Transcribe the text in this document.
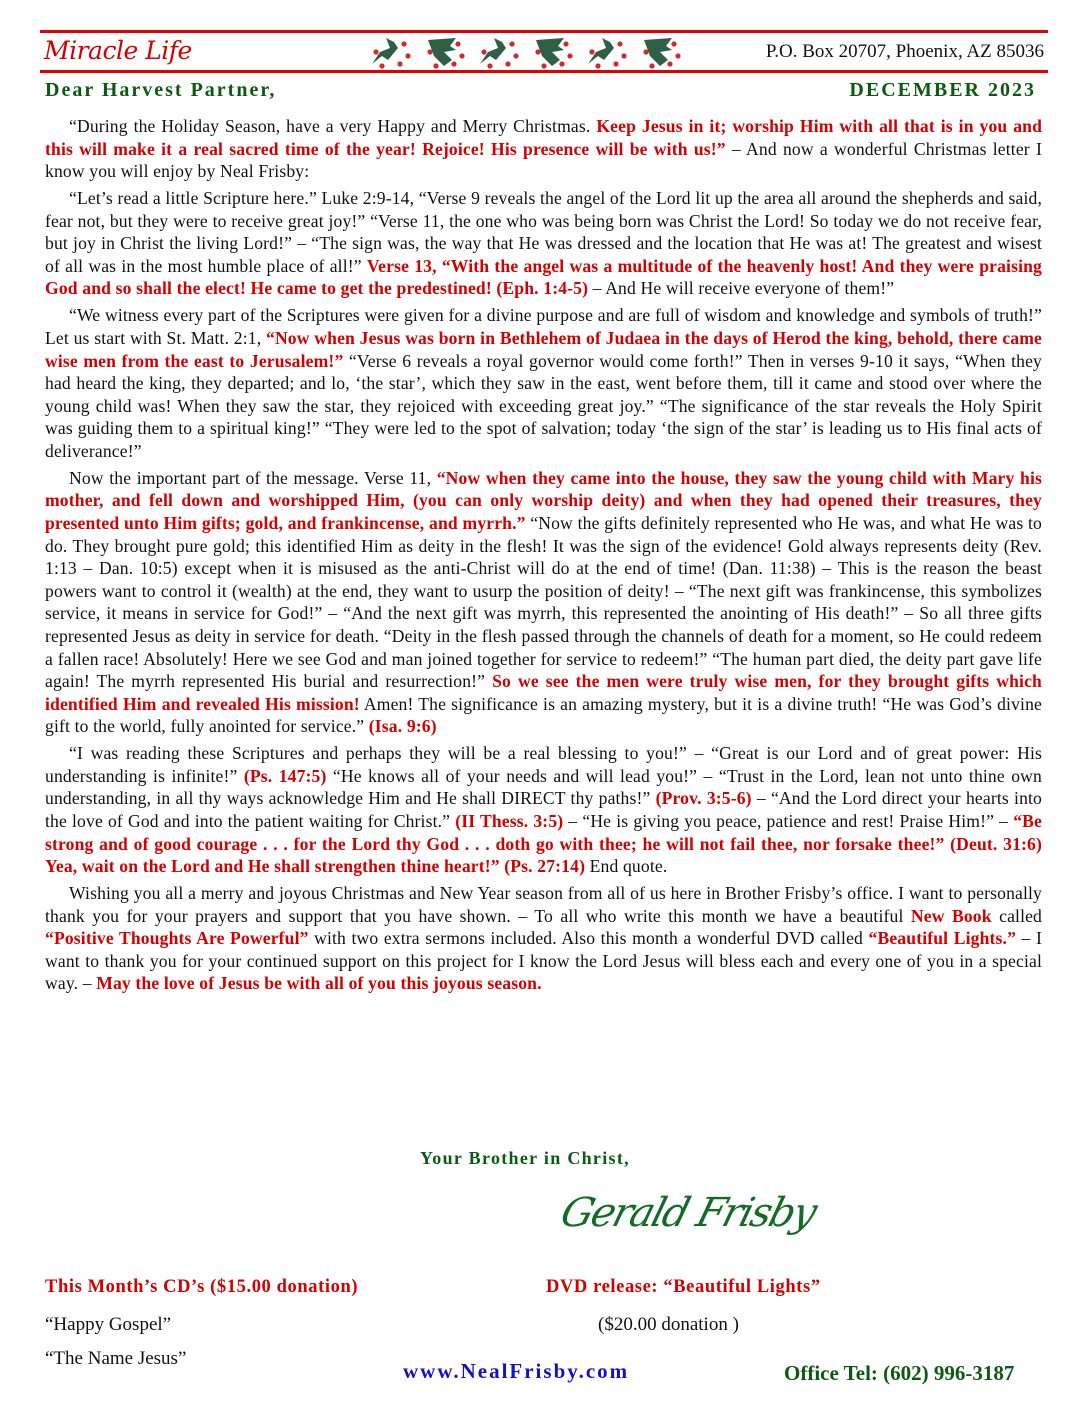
Miracle Life	P.O. Box 20707, Phoenix, AZ 85036
Dear Harvest Partner,	DECEMBER 2023

“During the Holiday Season, have a very Happy and Merry Christmas. Keep Jesus in it; worship Him with all that is in you and this will make it a real sacred time of the year! Rejoice! His presence will be with us!” – And now a wonderful Christmas letter I know you will enjoy by Neal Frisby:

“Let’s read a little Scripture here.” Luke 2:9-14, “Verse 9 reveals the angel of the Lord lit up the area all around the shepherds and said, fear not, but they were to receive great joy!” “Verse 11, the one who was being born was Christ the Lord! So today we do not receive fear, but joy in Christ the living Lord!” – “The sign was, the way that He was dressed and the location that He was at! The greatest and wisest of all was in the most humble place of all!” Verse 13, “With the angel was a multitude of the heavenly host! And they were praising God and so shall the elect! He came to get the predestined! (Eph. 1:4-5) – And He will receive everyone of them!”

“We witness every part of the Scriptures were given for a divine purpose and are full of wisdom and knowledge and symbols of truth!” Let us start with St. Matt. 2:1, “Now when Jesus was born in Bethlehem of Judaea in the days of Herod the king, behold, there came wise men from the east to Jerusalem!” “Verse 6 reveals a royal governor would come forth!” Then in verses 9-10 it says, “When they had heard the king, they departed; and lo, ‘the star’, which they saw in the east, went before them, till it came and stood over where the young child was! When they saw the star, they rejoiced with exceeding great joy.” “The significance of the star reveals the Holy Spirit was guiding them to a spiritual king!” “They were led to the spot of salvation; today ‘the sign of the star’ is leading us to His final acts of deliverance!”

Now the important part of the message. Verse 11, “Now when they came into the house, they saw the young child with Mary his mother, and fell down and worshipped Him, (you can only worship deity) and when they had opened their treasures, they presented unto Him gifts; gold, and frankincense, and myrrh.” “Now the gifts definitely represented who He was, and what He was to do. They brought pure gold; this identified Him as deity in the flesh! It was the sign of the evidence! Gold always represents deity (Rev. 1:13 – Dan. 10:5) except when it is misused as the anti-Christ will do at the end of time! (Dan. 11:38) – This is the reason the beast powers want to control it (wealth) at the end, they want to usurp the position of deity! – “The next gift was frankincense, this symbolizes service, it means in service for God!” – “And the next gift was myrrh, this represented the anointing of His death!” – So all three gifts represented Jesus as deity in service for death. “Deity in the flesh passed through the channels of death for a moment, so He could redeem a fallen race! Absolutely! Here we see God and man joined together for service to redeem!” “The human part died, the deity part gave life again! The myrrh represented His burial and resurrection!” So we see the men were truly wise men, for they brought gifts which identified Him and revealed His mission! Amen! The significance is an amazing mystery, but it is a divine truth! “He was God’s divine gift to the world, fully anointed for service.” (Isa. 9:6)

“I was reading these Scriptures and perhaps they will be a real blessing to you!” – “Great is our Lord and of great power: His understanding is infinite!” (Ps. 147:5) “He knows all of your needs and will lead you!” – “Trust in the Lord, lean not unto thine own understanding, in all thy ways acknowledge Him and He shall DIRECT thy paths!” (Prov. 3:5-6) – “And the Lord direct your hearts into the love of God and into the patient waiting for Christ.” (II Thess. 3:5) – “He is giving you peace, patience and rest! Praise Him!” – “Be strong and of good courage . . . for the Lord thy God . . . doth go with thee; he will not fail thee, nor forsake thee!” (Deut. 31:6) Yea, wait on the Lord and He shall strengthen thine heart!” (Ps. 27:14) End quote.

Wishing you all a merry and joyous Christmas and New Year season from all of us here in Brother Frisby’s office. I want to personally thank you for your prayers and support that you have shown. – To all who write this month we have a beautiful New Book called “Positive Thoughts Are Powerful” with two extra sermons included. Also this month a wonderful DVD called “Beautiful Lights.” – I want to thank you for your continued support on this project for I know the Lord Jesus will bless each and every one of you in a special way. – May the love of Jesus be with all of you this joyous season.

Your Brother in Christ,
Gerald Frisby
This Month’s CD’s ($15.00 donation)
“Happy Gospel”
“The Name Jesus”
DVD release: “Beautiful Lights”
($20.00 donation )
www.NealFrisby.com	Office Tel: (602) 996-3187
